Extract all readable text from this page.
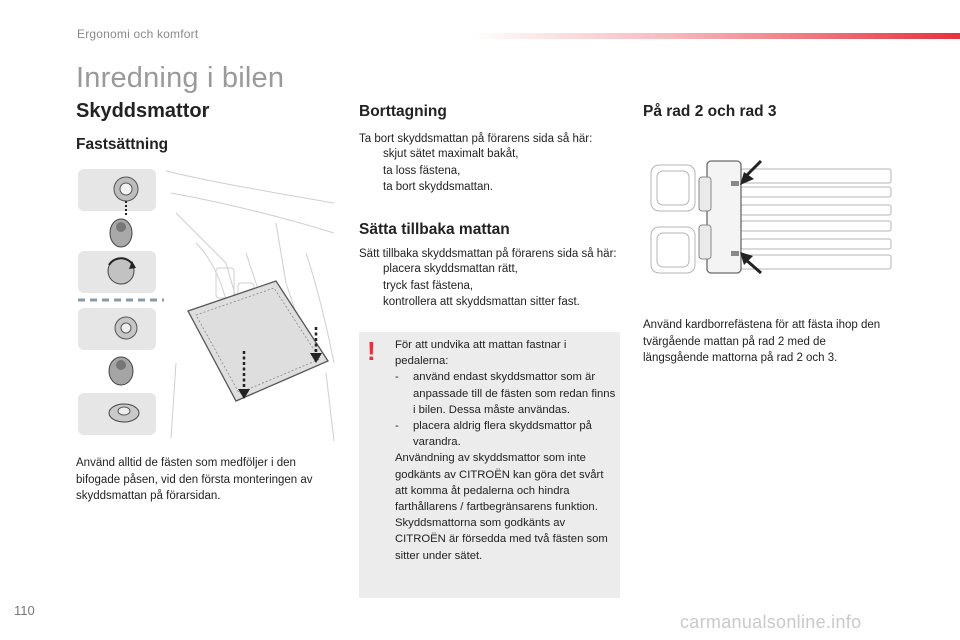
Ergonomi och komfort
Inredning i bilen
Skyddsmattor
Fastsättning

Använd alltid de fästen som medföljer i den bifogade påsen, vid den första monteringen av skyddsmattan på förarsidan.

Borttagning

Ta bort skyddsmattan på förarens sida så här:

skjut sätet maximalt bakåt,
ta loss fästena,
ta bort skyddsmattan.
Sätta tillbaka mattan

Sätt tillbaka skyddsmattan på förarens sida så här:

placera skyddsmattan rätt,
tryck fast fästena,
kontrollera att skyddsmattan sitter fast.
! För att undvika att mattan fastnar i pedalerna:

-	använd endast skyddsmattor som är anpassade till de fästen som redan finns i bilen. Dessa måste användas.
-	placera aldrig flera skyddsmattor på varandra.

Användning av skyddsmattor som inte godkänts av CITROËN kan göra det svårt att komma åt pedalerna och hindra farthållarens / fartbegränsarens funktion. Skyddsmattorna som godkänts av CITROËN är försedda med två fästen som sitter under sätet.

På rad 2 och rad 3

Använd kardborrefästena för att fästa ihop den tvärgående mattan på rad 2 med de längsgående mattorna på rad 2 och 3.

110
carmanualsonline.info
